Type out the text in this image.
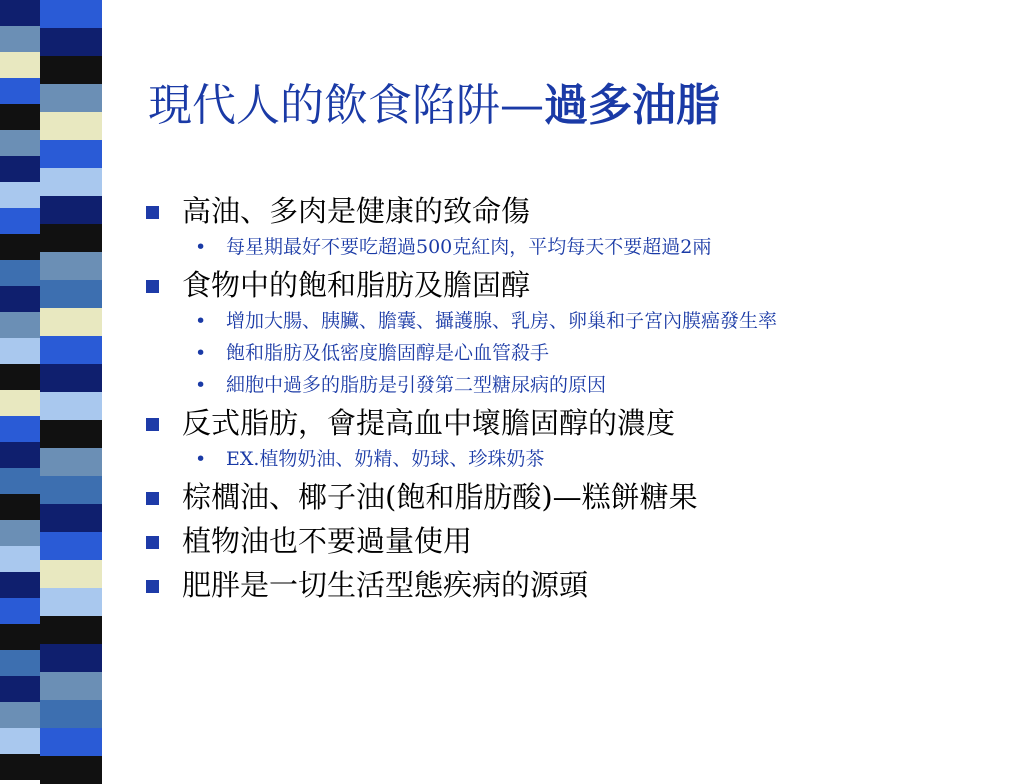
現代人的飲食陷阱—過多油脂
高油、多肉是健康的致命傷
• 每星期最好不要吃超過500克紅肉，平均每天不要超過2兩
食物中的飽和脂肪及膽固醇
• 增加大腸、胰臟、膽囊、攝護腺、乳房、卵巢和子宮內膜癌發生率
• 飽和脂肪及低密度膽固醇是心血管殺手
• 細胞中過多的脂肪是引發第二型糖尿病的原因
反式脂肪，會提高血中壞膽固醇的濃度
• EX.植物奶油、奶精、奶球、珍珠奶茶
棕櫚油、椰子油(飽和脂肪酸)—糕餅糖果
植物油也不要過量使用
肥胖是一切生活型態疾病的源頭
